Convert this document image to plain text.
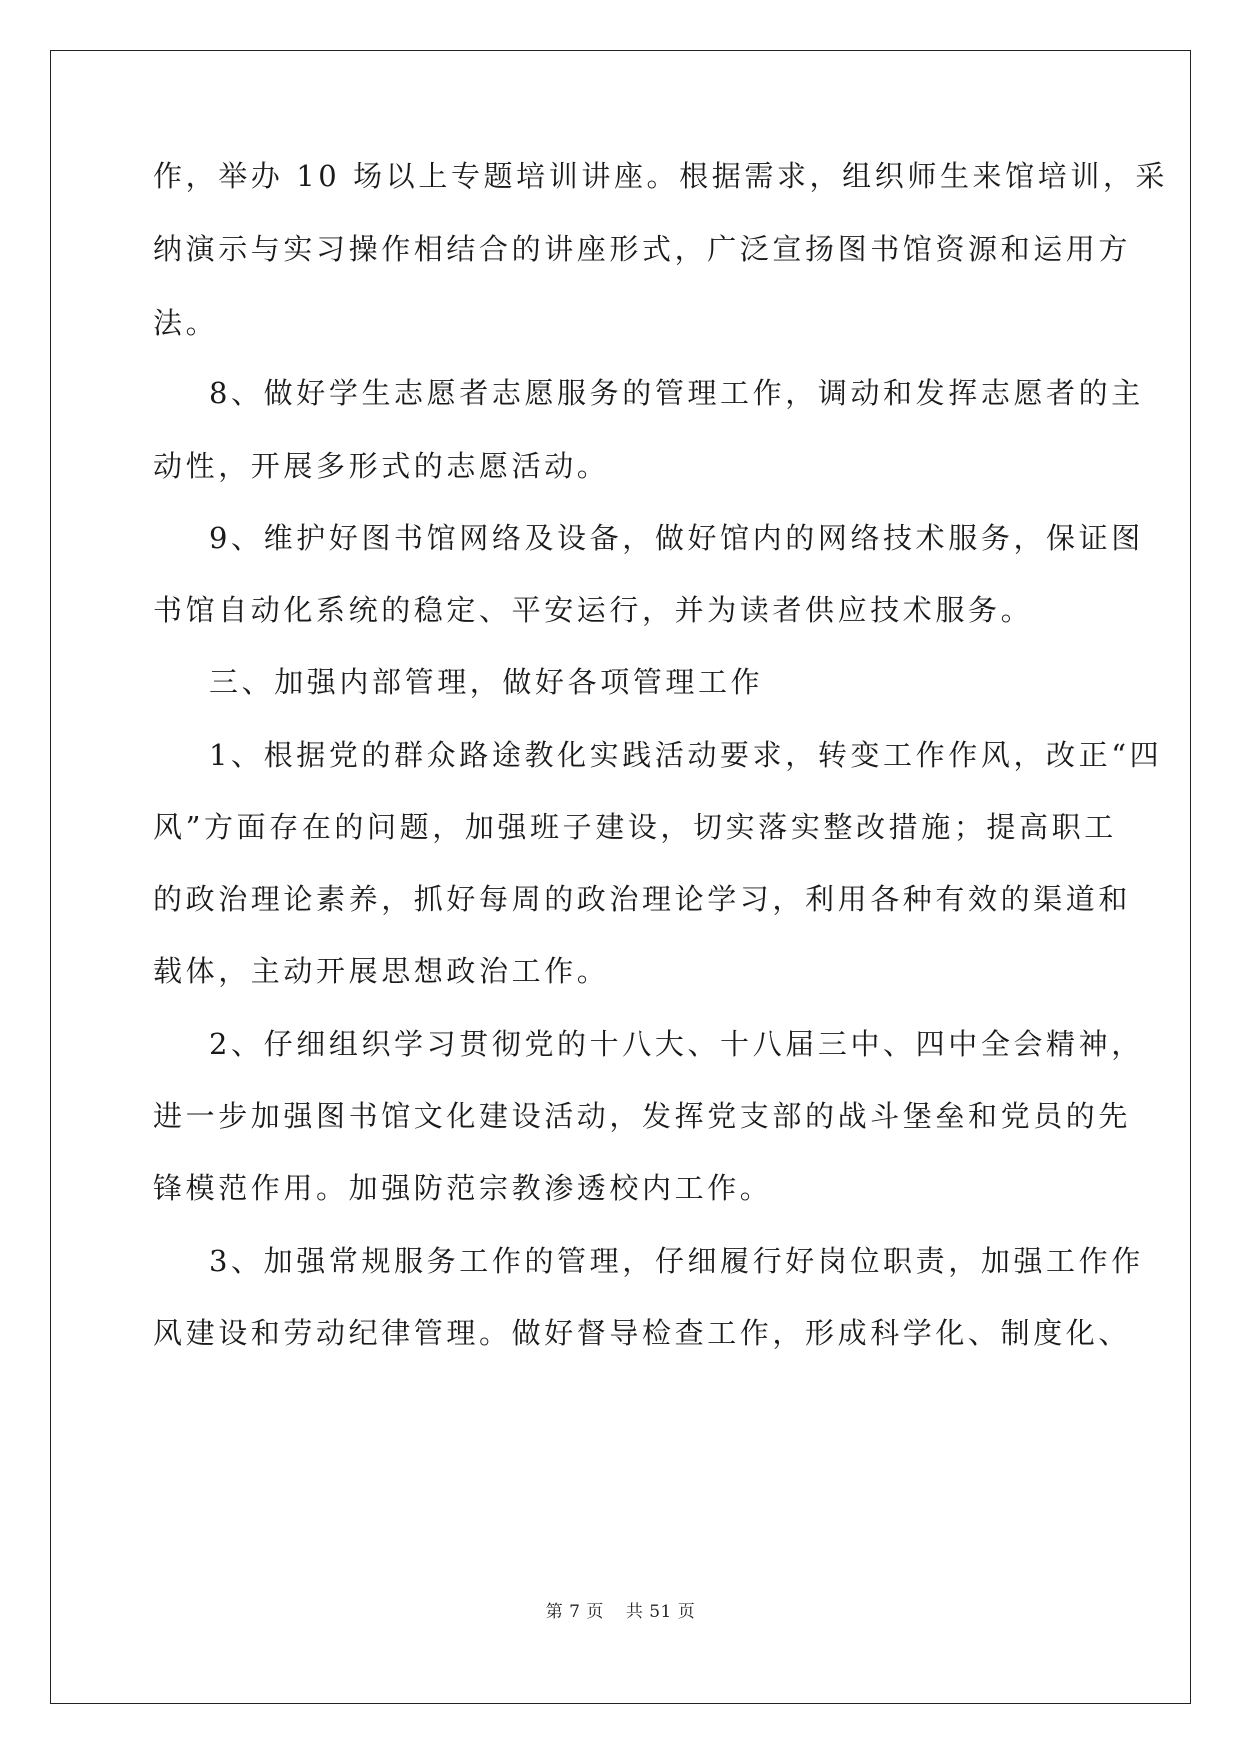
作，举办 10 场以上专题培训讲座。根据需求，组织师生来馆培训，采
纳演示与实习操作相结合的讲座形式，广泛宣扬图书馆资源和运用方
法。
8、做好学生志愿者志愿服务的管理工作，调动和发挥志愿者的主
动性，开展多形式的志愿活动。
9、维护好图书馆网络及设备，做好馆内的网络技术服务，保证图
书馆自动化系统的稳定、平安运行，并为读者供应技术服务。
三、加强内部管理，做好各项管理工作
1、根据党的群众路途教化实践活动要求，转变工作作风，改正“四
风”方面存在的问题，加强班子建设，切实落实整改措施；提高职工
的政治理论素养，抓好每周的政治理论学习，利用各种有效的渠道和
载体，主动开展思想政治工作。
2、仔细组织学习贯彻党的十八大、十八届三中、四中全会精神，
进一步加强图书馆文化建设活动，发挥党支部的战斗堡垒和党员的先
锋模范作用。加强防范宗教渗透校内工作。
3、加强常规服务工作的管理，仔细履行好岗位职责，加强工作作
风建设和劳动纪律管理。做好督导检查工作，形成科学化、制度化、
第 7 页 共 51 页
